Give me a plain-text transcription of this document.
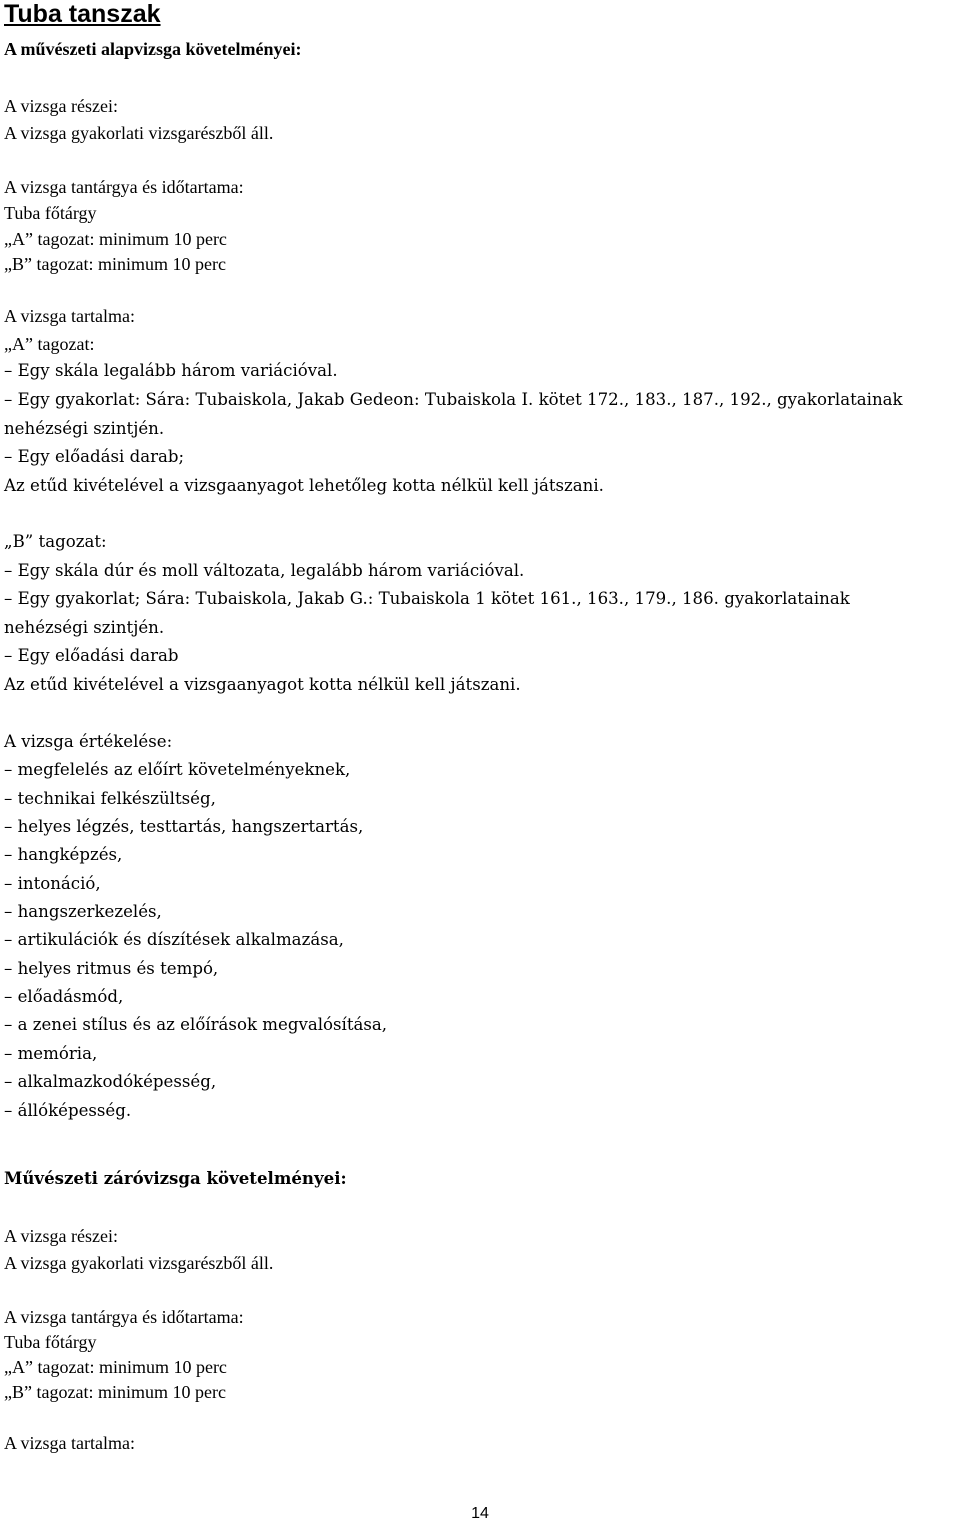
Tuba tanszak
A művészeti alapvizsga követelményei:
A vizsga részei:
A vizsga gyakorlati vizsgarészből áll.
A vizsga tantárgya és időtartama:
Tuba főtárgy
„A” tagozat: minimum 10 perc
„B” tagozat: minimum 10 perc
A vizsga tartalma:
„A” tagozat:
– Egy skála legalább három variációval.
– Egy gyakorlat: Sára: Tubaiskola, Jakab Gedeon: Tubaiskola I. kötet 172., 183., 187., 192., gyakorlatainak
nehézségi szintjén.
– Egy előadási darab;
Az etűd kivételével a vizsgaanyagot lehetőleg kotta nélkül kell játszani.
„B” tagozat:
– Egy skála dúr és moll változata, legalább három variációval.
– Egy gyakorlat; Sára: Tubaiskola, Jakab G.: Tubaiskola 1 kötet 161., 163., 179., 186. gyakorlatainak
nehézségi szintjén.
– Egy előadási darab
Az etűd kivételével a vizsgaanyagot kotta nélkül kell játszani.
A vizsga értékelése:
– megfelelés az előírt követelményeknek,
– technikai felkészültség,
– helyes légzés, testtartás, hangszertartás,
– hangképzés,
– intonáció,
– hangszerkezelés,
– artikulációk és díszítések alkalmazása,
– helyes ritmus és tempó,
– előadásmód,
– a zenei stílus és az előírások megvalósítása,
– memória,
– alkalmazkodóképesség,
– állóképesség.
Művészeti záróvizsga követelményei:
A vizsga részei:
A vizsga gyakorlati vizsgarészből áll.
A vizsga tantárgya és időtartama:
Tuba főtárgy
„A” tagozat: minimum 10 perc
„B” tagozat: minimum 10 perc
A vizsga tartalma:
14
